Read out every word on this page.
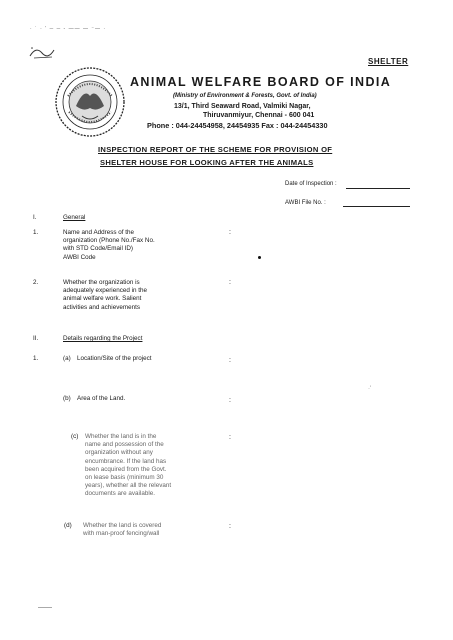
· ˙ · ‘ ─ ─ - —— — ⁻— ·
SHELTER
ANIMAL WELFARE BOARD OF INDIA
(Ministry of Environment & Forests, Govt. of India)
13/1, Third Seaward Road, Valmiki Nagar,
Thiruvanmiyur, Chennai - 600 041
Phone : 044-24454958, 24454935 Fax : 044-24454330
INSPECTION REPORT OF THE SCHEME FOR PROVISION OF
SHELTER HOUSE FOR LOOKING AFTER THE ANIMALS
Date of Inspection :
AWBI File No. :
I.	General
1.	Name and Address of the
organization (Phone No./Fax No.
with STD Code/Email ID)
AWBI Code
:
2.	Whether the organization is
adequately experienced in the
animal welfare work. Salient
activities and achievements
:
II.	Details regarding the Project
1.	(a) Location/Site of the project	:
(b) Area of the Land.	:
·'
(c) Whether the land is in the
name and possession of the
organization without any
encumbrance. If the land has
been acquired from the Govt.
on lease basis (minimum 30
years), whether all the relevant
documents are available.
:
(d) Whether the land is covered
with man-proof fencing/wall
:
